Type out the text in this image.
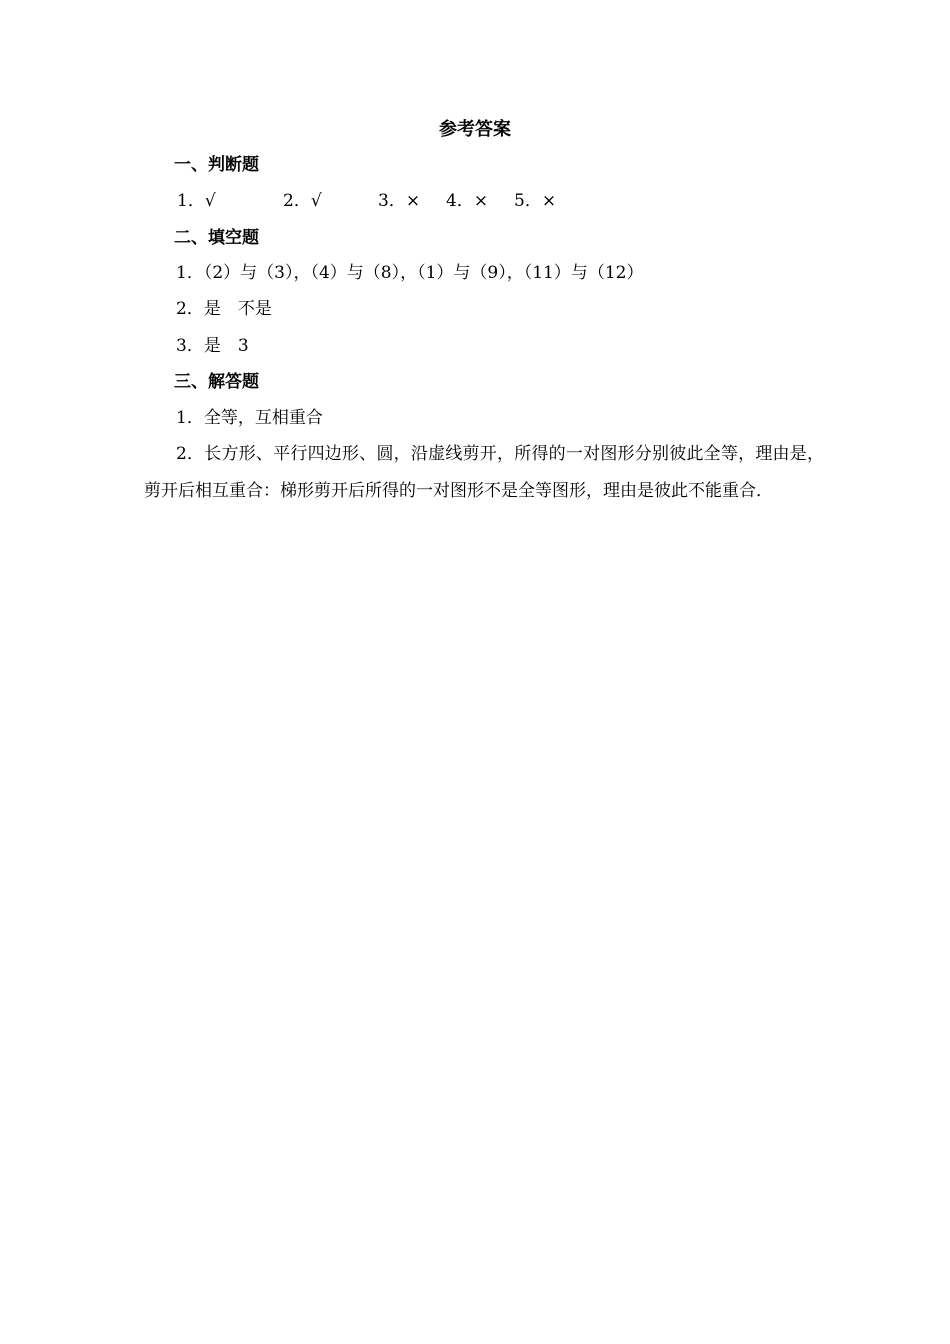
参考答案
一、判断题
1．√	2．√	3．× 4．× 5．×
二、填空题
1．（2）与（3），（4）与（8），（1）与（9），（11）与（12）
2．是　不是
3．是　3
三、解答题
1．全等，互相重合
2．长方形、平行四边形、圆，沿虚线剪开，所得的一对图形分别彼此全等，理由是，剪开后相互重合：梯形剪开后所得的一对图形不是全等图形，理由是彼此不能重合．
